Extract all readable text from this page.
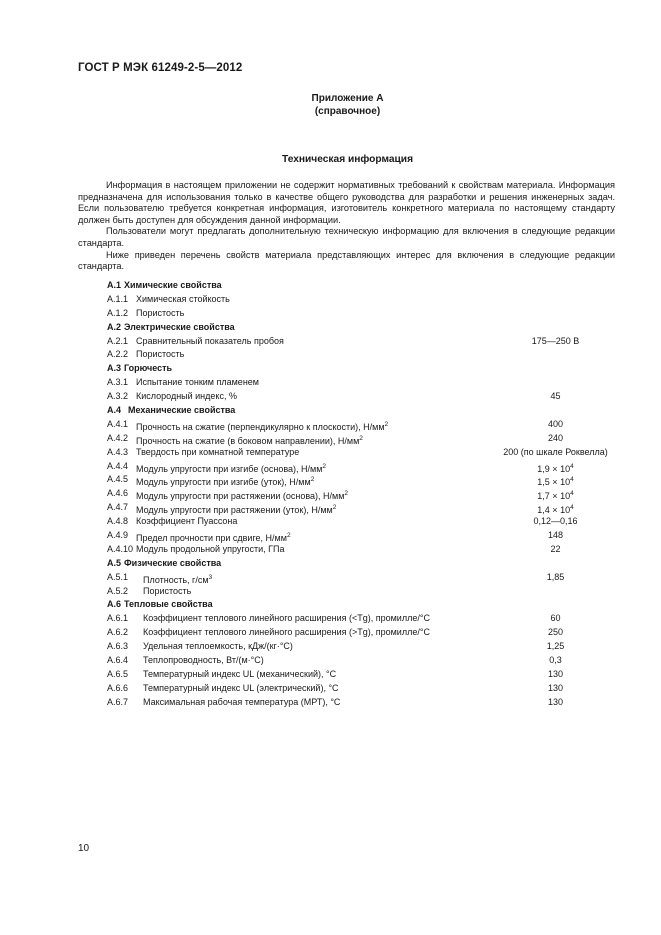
ГОСТ Р МЭК 61249-2-5—2012
Приложение А
(справочное)
Техническая информация

Информация в настоящем приложении не содержит нормативных требований к свойствам материала. Информация предназначена для использования только в качестве общего руководства для разработки и решения инженерных задач. Если пользователю требуется конкретная информация, изготовитель конкретного материала по настоящему стандарту должен быть доступен для обсуждения данной информации.

Пользователи могут предлагать дополнительную техническую информацию для включения в следующие редакции стандарта.

Ниже приведен перечень свойств материала представляющих интерес для включения в следующие редакции стандарта.

А.1 Химические свойства
А.1.1 Химическая стойкость
А.1.2 Пористость
А.2 Электрические свойства
А.2.1 Сравнительный показатель пробоя	175—250 В
А.2.2 Пористость
А.3 Горючесть
А.3.1 Испытание тонким пламенем
А.3.2 Кислородный индекс, %	45
А.4 Механические свойства
А.4.1 Прочность на сжатие (перпендикулярно к плоскости), $Н/мм^2$	400
А.4.2 Прочность на сжатие (в боковом направлении), $Н/мм^2$	240
А.4.3 Твердость при комнатной температуре	200 (по шкале Роквелла)
А.4.4 Модуль упругости при изгибе (основа), $Н/мм^2$	$1,9 \times 10^4$
А.4.5 Модуль упругости при изгибе (уток), $Н/мм^2$	$1,5 \times 10^4$
А.4.6 Модуль упругости при растяжении (основа), $Н/мм^2$	$1,7 \times 10^4$
А.4.7 Модуль упругости при растяжении (уток), $Н/мм^2$	$1,4 \times 10^4$
А.4.8 Коэффициент Пуассона	0,12—0,16
А.4.9 Предел прочности при сдвиге, $Н/мм^2$	148
А.4.10 Модуль продольной упругости, ГПа	22
А.5 Физические свойства
А.5.1 Плотность, $г/см^3$	1,85
А.5.2 Пористость
А.6 Тепловые свойства
А.6.1 Коэффициент теплового линейного расширения (<Tg), промилле/°С	60
А.6.2 Коэффициент теплового линейного расширения (>Tg), промилле/°С	250
А.6.3 Удельная теплоемкость, кДж/(кг·°С)	1,25
А.6.4 Теплопроводность, Вт/(м·°С)	0,3
А.6.5 Температурный индекс UL (механический), °С	130
А.6.6 Температурный индекс UL (электрический), °С	130
А.6.7 Максимальная рабочая температура (МРТ), °С	130
10
